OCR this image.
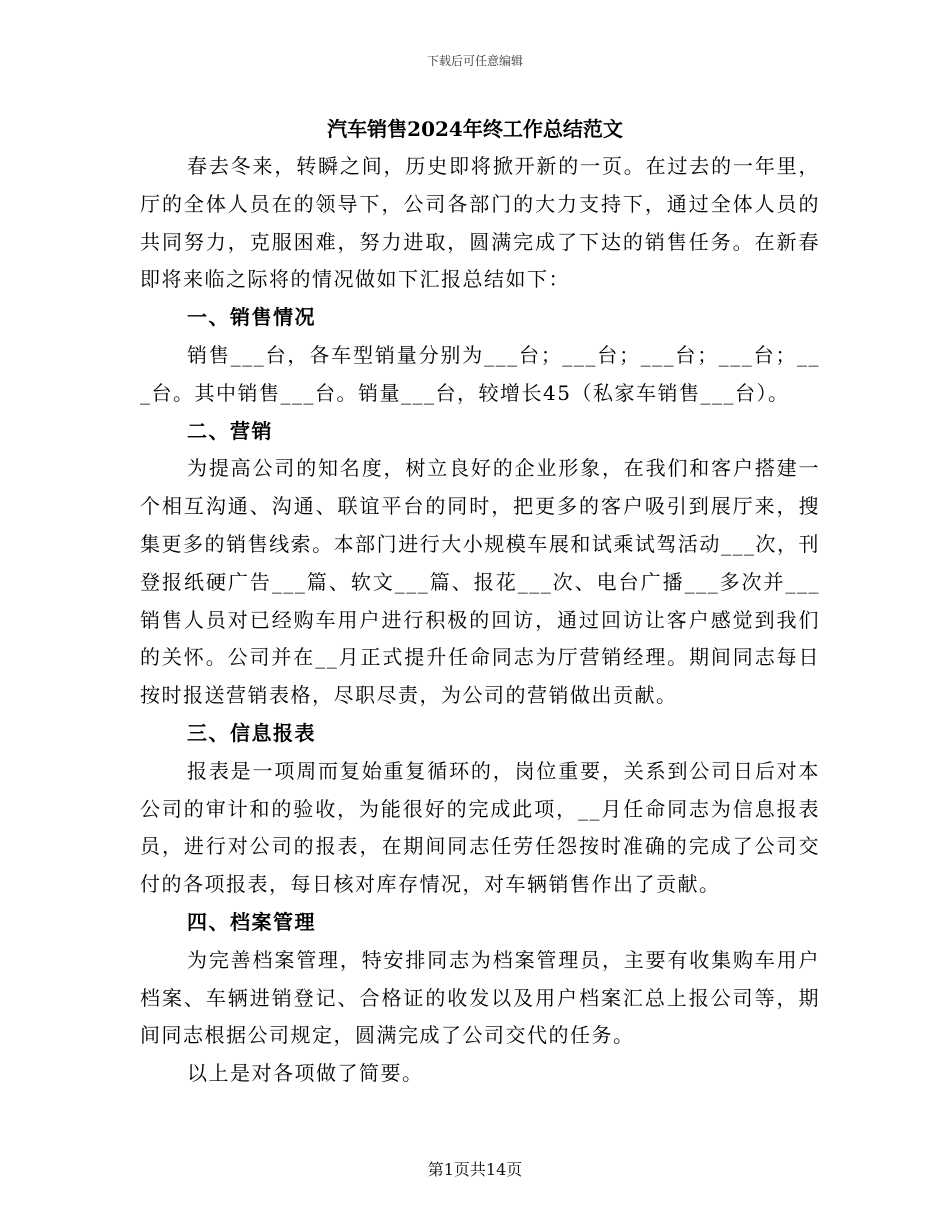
下载后可任意编辑
汽车销售2024年终工作总结范文

春去冬来，转瞬之间，历史即将掀开新的一页。在过去的一年里，厅的全体人员在的领导下，公司各部门的大力支持下，通过全体人员的共同努力，克服困难，努力进取，圆满完成了下达的销售任务。在新春即将来临之际将的情况做如下汇报总结如下：

一、销售情况

销售___台，各车型销量分别为___台；___台；___台；___台；___台。其中销售___台。销量___台，较增长45（私家车销售___台）。

二、营销

为提高公司的知名度，树立良好的企业形象，在我们和客户搭建一个相互沟通、沟通、联谊平台的同时，把更多的客户吸引到展厅来，搜集更多的销售线索。本部门进行大小规模车展和试乘试驾活动___次，刊登报纸硬广告___篇、软文___篇、报花___次、电台广播___多次并___销售人员对已经购车用户进行积极的回访，通过回访让客户感觉到我们的关怀。公司并在__月正式提升任命同志为厅营销经理。期间同志每日按时报送营销表格，尽职尽责，为公司的营销做出贡献。

三、信息报表

报表是一项周而复始重复循环的，岗位重要，关系到公司日后对本公司的审计和的验收，为能很好的完成此项，__月任命同志为信息报表员，进行对公司的报表，在期间同志任劳任怨按时准确的完成了公司交付的各项报表，每日核对库存情况，对车辆销售作出了贡献。

四、档案管理

为完善档案管理，特安排同志为档案管理员，主要有收集购车用户档案、车辆进销登记、合格证的收发以及用户档案汇总上报公司等，期间同志根据公司规定，圆满完成了公司交代的任务。

以上是对各项做了简要。

第1页共14页
